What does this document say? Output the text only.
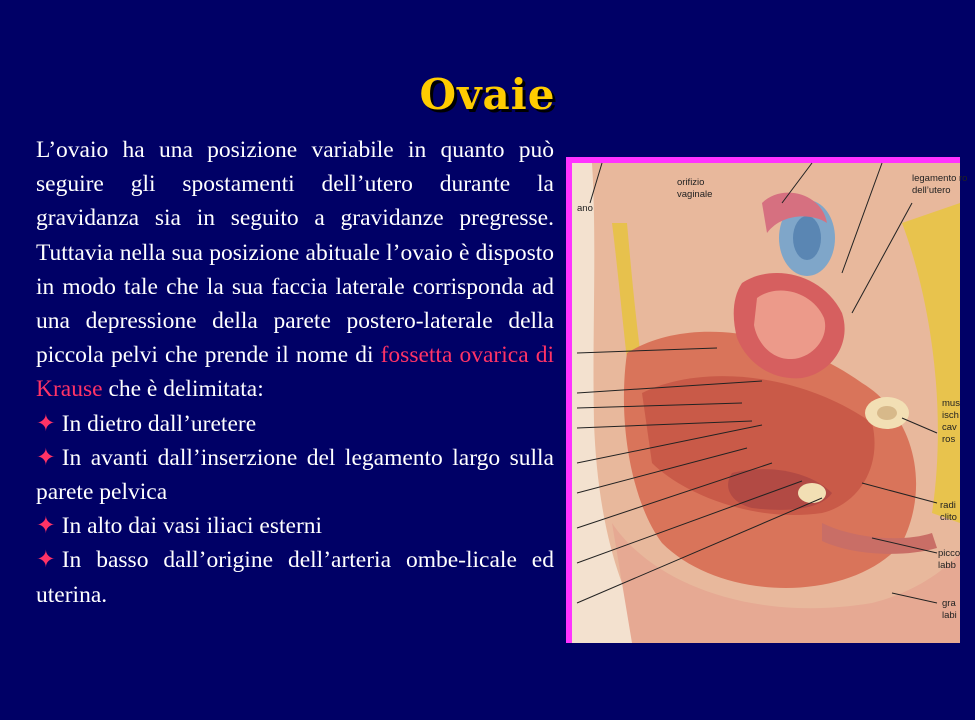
Ovaie

L’ovaio ha una posizione variabile in quanto può seguire gli spostamenti dell’utero durante la gravidanza sia in seguito a gravidanze pregresse. Tuttavia nella sua posizione abituale l’ovaio è disposto in modo tale che la sua faccia laterale corrisponda ad una depressione della parete postero-laterale della piccola pelvi che prende il nome di fossetta ovarica di Krause che è delimitata:

✦ In dietro dall’uretere
✦ In avanti dall’inserzione del legamento largo sulla parete pelvica
✦ In alto dai vasi iliaci esterni
✦ In basso dall’origine dell’arteria ombe-licale ed uterina.
ano
orifizio
vaginale
legamento ro
dell’utero
mus
isch
cav
ros
radi
clito
picco
labb
gra
labi
